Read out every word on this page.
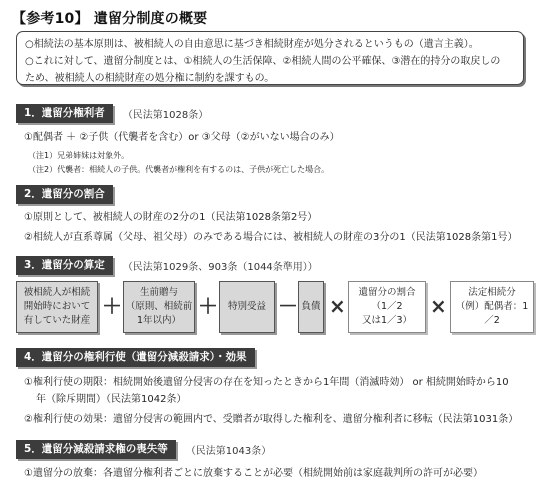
【参考10】 遺留分制度の概要
○相続法の基本原則は、被相続人の自由意思に基づき相続財産が処分されるというもの（遺言主義）。
○これに対して、遺留分制度とは、①相続人の生活保障、②相続人間の公平確保、③潜在的持分の取戻しの
ため、被相続人の相続財産の処分権に制約を課すもの。
1．遺留分権利者	（民法第1028条）
①配偶者 ＋ ②子供（代襲者を含む）or ③父母（②がいない場合のみ）
（注1）兄弟姉妹は対象外。
（注2）代襲者：相続人の子供。代襲者が権利を有するのは、子供が死亡した場合。
2．遺留分の割合
①原則として、被相続人の財産の2分の1（民法第1028条第2号）
②相続人が直系尊属（父母、祖父母）のみである場合には、被相続人の財産の3分の1（民法第1028条第1号）
3．遺留分の算定	（民法第1029条、903条（1044条準用））
被相続人が相続
開始時において
有していた財産
＋
生前贈与
（原則、相続前
1年以内）
＋ 特別受益 － 負債 ×
遺留分の割合
（1／2
又は1／3）
×
法定相続分
（例）配偶者：1／2
4．遺留分の権利行使（遺留分減殺請求）・効果
①権利行使の期限：相続開始後遺留分侵害の存在を知ったときから1年間（消滅時効） or 相続開始時から10
年（除斥期間）（民法第1042条）
②権利行使の効果：遺留分侵害の範囲内で、受贈者が取得した権利を、遺留分権利者に移転（民法第1031条）
5．遺留分減殺請求権の喪失等	（民法第1043条）
①遺留分の放棄：各遺留分権利者ごとに放棄することが必要（相続開始前は家庭裁判所の許可が必要）
